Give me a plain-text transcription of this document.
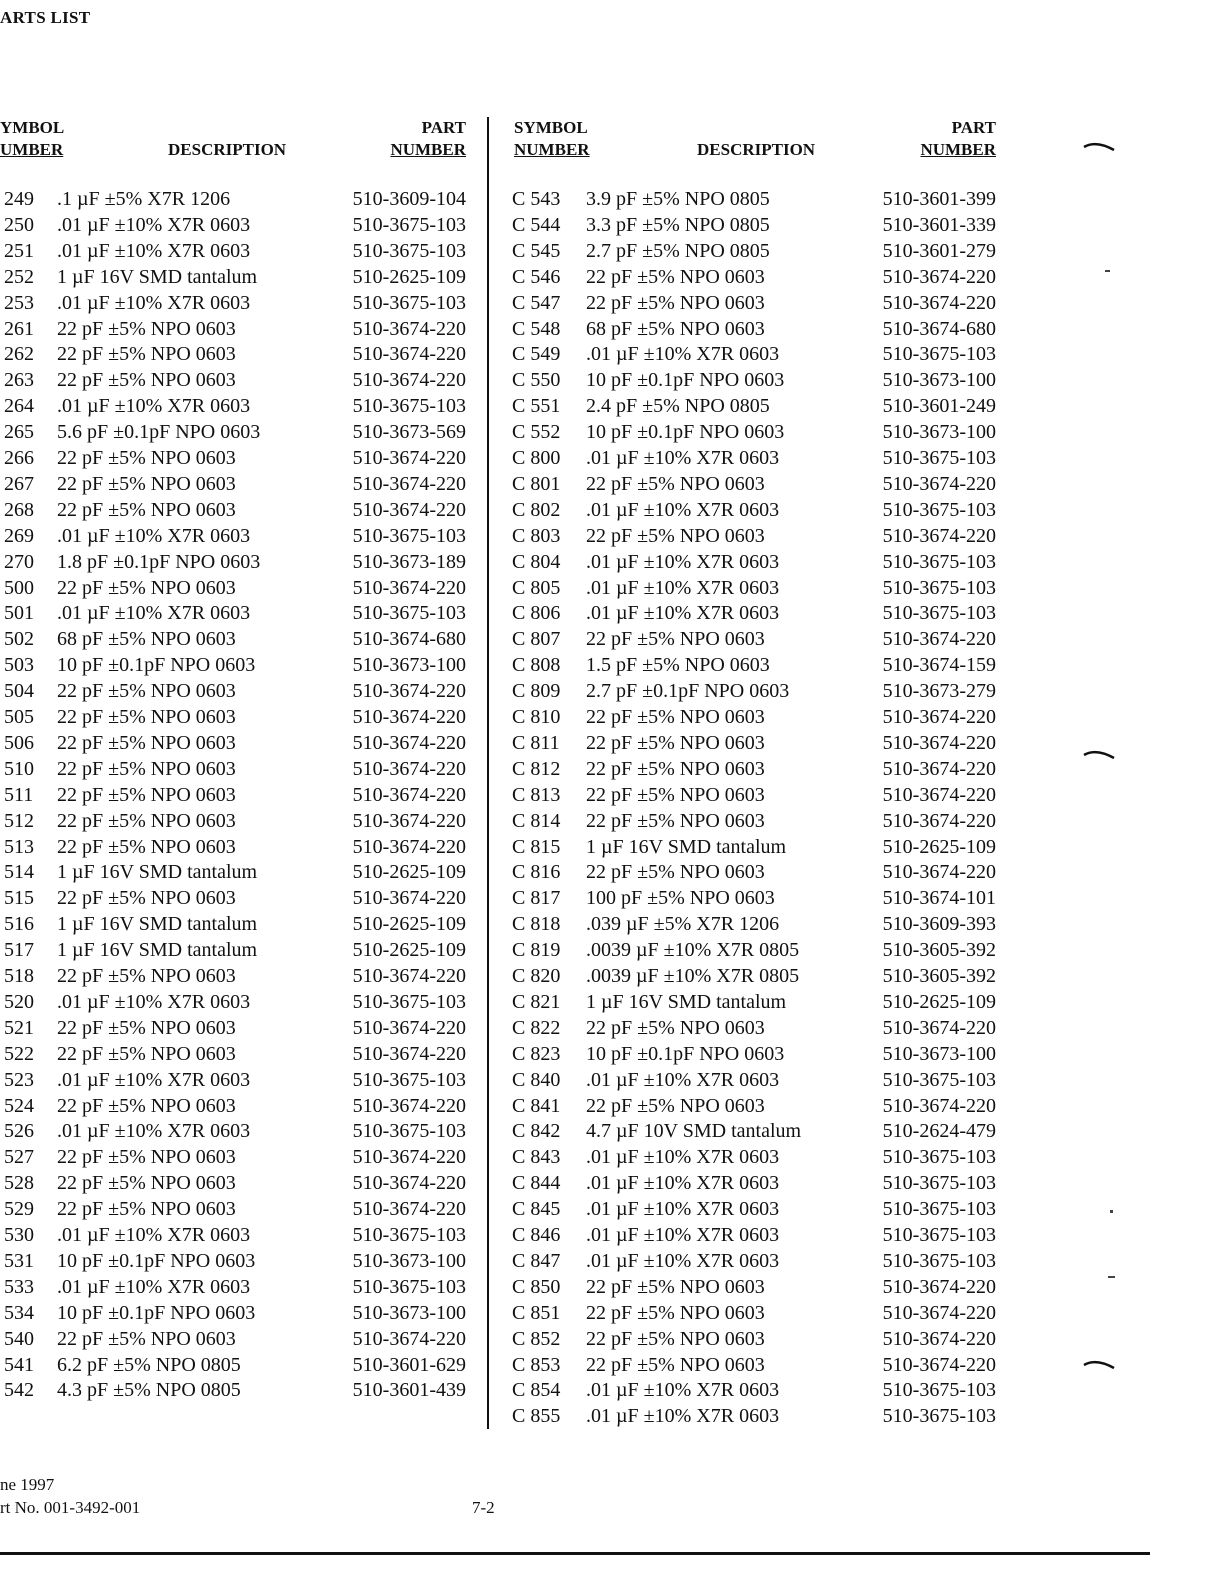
ARTS LIST
YMBOL
UMBER	DESCRIPTION
PART
NUMBER
SYMBOL
NUMBER	DESCRIPTION
PART
NUMBER
249 .1 µF ±5% X7R 1206	510-3609-104
250 .01 µF ±10% X7R 0603	510-3675-103
251 .01 µF ±10% X7R 0603	510-3675-103
252 1 µF 16V SMD tantalum	510-2625-109
253 .01 µF ±10% X7R 0603	510-3675-103
261 22 pF ±5% NPO 0603	510-3674-220
262 22 pF ±5% NPO 0603	510-3674-220
263 22 pF ±5% NPO 0603	510-3674-220
264 .01 µF ±10% X7R 0603	510-3675-103
265 5.6 pF ±0.1pF NPO 0603	510-3673-569
266 22 pF ±5% NPO 0603	510-3674-220
267 22 pF ±5% NPO 0603	510-3674-220
268 22 pF ±5% NPO 0603	510-3674-220
269 .01 µF ±10% X7R 0603	510-3675-103
270 1.8 pF ±0.1pF NPO 0603	510-3673-189
500 22 pF ±5% NPO 0603	510-3674-220
501 .01 µF ±10% X7R 0603	510-3675-103
502 68 pF ±5% NPO 0603	510-3674-680
503 10 pF ±0.1pF NPO 0603	510-3673-100
504 22 pF ±5% NPO 0603	510-3674-220
505 22 pF ±5% NPO 0603	510-3674-220
506 22 pF ±5% NPO 0603	510-3674-220
510 22 pF ±5% NPO 0603	510-3674-220
511 22 pF ±5% NPO 0603	510-3674-220
512 22 pF ±5% NPO 0603	510-3674-220
513 22 pF ±5% NPO 0603	510-3674-220
514 1 µF 16V SMD tantalum	510-2625-109
515 22 pF ±5% NPO 0603	510-3674-220
516 1 µF 16V SMD tantalum	510-2625-109
517 1 µF 16V SMD tantalum	510-2625-109
518 22 pF ±5% NPO 0603	510-3674-220
520 .01 µF ±10% X7R 0603	510-3675-103
521 22 pF ±5% NPO 0603	510-3674-220
522 22 pF ±5% NPO 0603	510-3674-220
523 .01 µF ±10% X7R 0603	510-3675-103
524 22 pF ±5% NPO 0603	510-3674-220
526 .01 µF ±10% X7R 0603	510-3675-103
527 22 pF ±5% NPO 0603	510-3674-220
528 22 pF ±5% NPO 0603	510-3674-220
529 22 pF ±5% NPO 0603	510-3674-220
530 .01 µF ±10% X7R 0603	510-3675-103
531 10 pF ±0.1pF NPO 0603	510-3673-100
533 .01 µF ±10% X7R 0603	510-3675-103
534 10 pF ±0.1pF NPO 0603	510-3673-100
540 22 pF ±5% NPO 0603	510-3674-220
541 6.2 pF ±5% NPO 0805	510-3601-629
542 4.3 pF ±5% NPO 0805	510-3601-439
C 543 3.9 pF ±5% NPO 0805	510-3601-399
C 544 3.3 pF ±5% NPO 0805	510-3601-339
C 545 2.7 pF ±5% NPO 0805	510-3601-279
C 546 22 pF ±5% NPO 0603	510-3674-220
C 547 22 pF ±5% NPO 0603	510-3674-220
C 548 68 pF ±5% NPO 0603	510-3674-680
C 549 .01 µF ±10% X7R 0603	510-3675-103
C 550 10 pF ±0.1pF NPO 0603	510-3673-100
C 551 2.4 pF ±5% NPO 0805	510-3601-249
C 552 10 pF ±0.1pF NPO 0603	510-3673-100
C 800 .01 µF ±10% X7R 0603	510-3675-103
C 801 22 pF ±5% NPO 0603	510-3674-220
C 802 .01 µF ±10% X7R 0603	510-3675-103
C 803 22 pF ±5% NPO 0603	510-3674-220
C 804 .01 µF ±10% X7R 0603	510-3675-103
C 805 .01 µF ±10% X7R 0603	510-3675-103
C 806 .01 µF ±10% X7R 0603	510-3675-103
C 807 22 pF ±5% NPO 0603	510-3674-220
C 808 1.5 pF ±5% NPO 0603	510-3674-159
C 809 2.7 pF ±0.1pF NPO 0603	510-3673-279
C 810 22 pF ±5% NPO 0603	510-3674-220
C 811 22 pF ±5% NPO 0603	510-3674-220
C 812 22 pF ±5% NPO 0603	510-3674-220
C 813 22 pF ±5% NPO 0603	510-3674-220
C 814 22 pF ±5% NPO 0603	510-3674-220
C 815 1 µF 16V SMD tantalum	510-2625-109
C 816 22 pF ±5% NPO 0603	510-3674-220
C 817 100 pF ±5% NPO 0603	510-3674-101
C 818 .039 µF ±5% X7R 1206	510-3609-393
C 819 .0039 µF ±10% X7R 0805	510-3605-392
C 820 .0039 µF ±10% X7R 0805	510-3605-392
C 821 1 µF 16V SMD tantalum	510-2625-109
C 822 22 pF ±5% NPO 0603	510-3674-220
C 823 10 pF ±0.1pF NPO 0603	510-3673-100
C 840 .01 µF ±10% X7R 0603	510-3675-103
C 841 22 pF ±5% NPO 0603	510-3674-220
C 842 4.7 µF 10V SMD tantalum	510-2624-479
C 843 .01 µF ±10% X7R 0603	510-3675-103
C 844 .01 µF ±10% X7R 0603	510-3675-103
C 845 .01 µF ±10% X7R 0603	510-3675-103
C 846 .01 µF ±10% X7R 0603	510-3675-103
C 847 .01 µF ±10% X7R 0603	510-3675-103
C 850 22 pF ±5% NPO 0603	510-3674-220
C 851 22 pF ±5% NPO 0603	510-3674-220
C 852 22 pF ±5% NPO 0603	510-3674-220
C 853 22 pF ±5% NPO 0603	510-3674-220
C 854 .01 µF ±10% X7R 0603	510-3675-103
C 855 .01 µF ±10% X7R 0603	510-3675-103
ne 1997
rt No. 001-3492-001	7-2
